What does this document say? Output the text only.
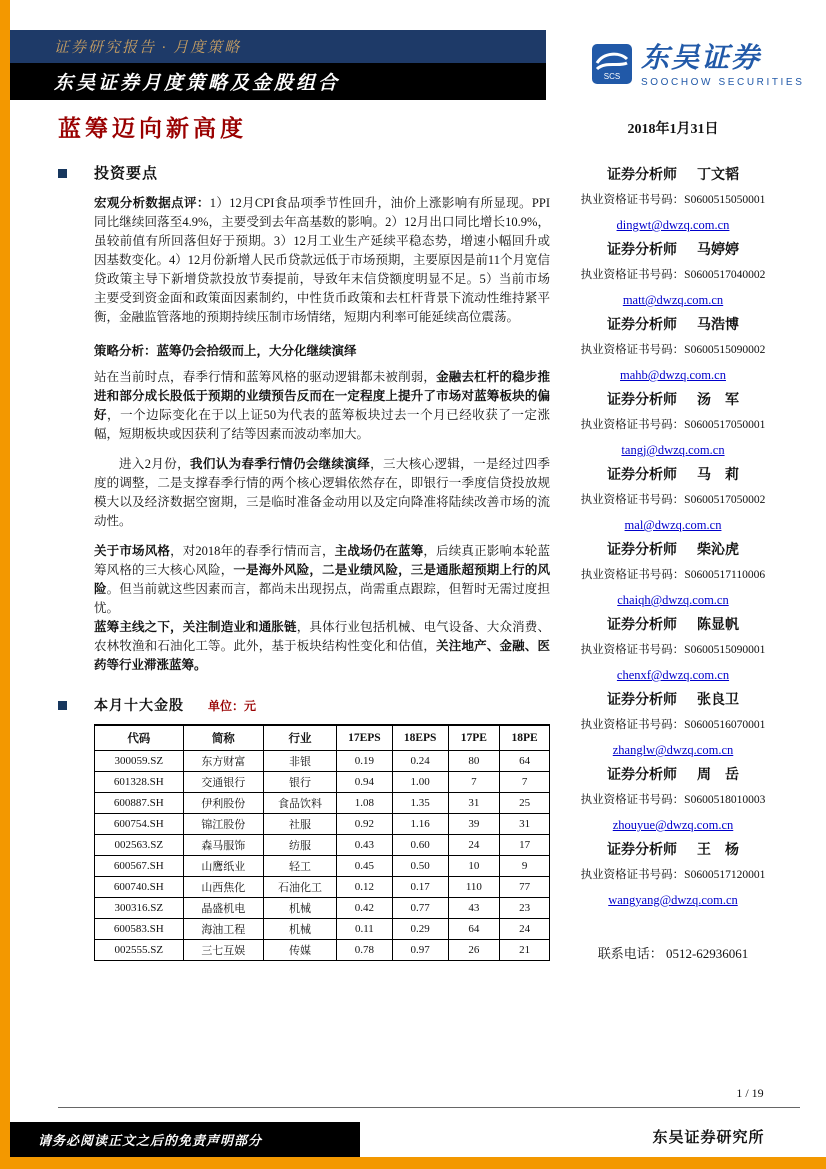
证券研究报告 · 月度策略
东吴证券月度策略及金股组合	SCS
东吴证券
SOOCHOW SECURITIES
蓝筹迈向新高度	2018年1月31日
投资要点

宏观分析数据点评：1）12月CPI食品项季节性回升，油价上涨影响有所显现。PPI同比继续回落至4.9%，主要受到去年高基数的影响。2）12月出口同比增长10.9%，虽较前值有所回落但好于预期。3）12月工业生产延续平稳态势，增速小幅回升或因基数变化。4）12月份新增人民币贷款远低于市场预期，主要原因是前11个月宽信贷政策主导下新增贷款投放节奏提前，导致年末信贷额度明显不足。5）当前市场主要受到资金面和政策面因素制约，中性货币政策和去杠杆背景下流动性维持紧平衡，金融监管落地的预期持续压制市场情绪，短期内利率可能延续高位震荡。

策略分析：蓝筹仍会拾级而上，大分化继续演绎

站在当前时点，春季行情和蓝筹风格的驱动逻辑都未被削弱，金融去杠杆的稳步推进和部分成长股低于预期的业绩预告反而在一定程度上提升了市场对蓝筹板块的偏好，一个边际变化在于以上证50为代表的蓝筹板块过去一个月已经收获了一定涨幅，短期板块或因获利了结等因素而波动率加大。

进入2月份，我们认为春季行情仍会继续演绎，三大核心逻辑，一是经过四季度的调整，二是支撑春季行情的两个核心逻辑依然存在，即银行一季度信贷投放规模大以及经济数据空窗期，三是临时准备金动用以及定向降准将陆续改善市场的流动性。

关于市场风格，对2018年的春季行情而言，主战场仍在蓝筹，后续真正影响本轮蓝筹风格的三大核心风险，一是海外风险，二是业绩风险，三是通胀超预期上行的风险。但当前就这些因素而言，都尚未出现拐点，尚需重点跟踪，但暂时无需过度担忧。

蓝筹主线之下，关注制造业和通胀链，具体行业包括机械、电气设备、大众消费、农林牧渔和石油化工等。此外，基于板块结构性变化和估值，关注地产、金融、医药等行业滞涨蓝筹。

本月十大金股 单位：元
代码	简称	行业	17EPS	18EPS	17PE	18PE
300059.SZ	东方财富	非银	0.19	0.24	80	64
601328.SH	交通银行	银行	0.94	1.00	7	7
600887.SH	伊利股份	食品饮料	1.08	1.35	31	25
600754.SH	锦江股份	社服	0.92	1.16	39	31
002563.SZ	森马服饰	纺服	0.43	0.60	24	17
600567.SH	山鹰纸业	轻工	0.45	0.50	10	9
600740.SH	山西焦化	石油化工	0.12	0.17	110	77
300316.SZ	晶盛机电	机械	0.42	0.77	43	23
600583.SH	海油工程	机械	0.11	0.29	64	24
002555.SZ	三七互娱	传媒	0.78	0.97	26	21
证券分析师 丁文韬
执业资格证书号码：S0600515050001
dingwt@dwzq.com.cn
证券分析师 马婷婷
执业资格证书号码：S0600517040002
matt@dwzq.com.cn
证券分析师 马浩博
执业资格证书号码：S0600515090002
mahb@dwzq.com.cn
证券分析师 汤　军
执业资格证书号码：S0600517050001
tangj@dwzq.com.cn
证券分析师 马　莉
执业资格证书号码：S0600517050002
mal@dwzq.com.cn
证券分析师 柴沁虎
执业资格证书号码：S0600517110006
chaiqh@dwzq.com.cn
证券分析师 陈显帆
执业资格证书号码：S0600515090001
chenxf@dwzq.com.cn
证券分析师 张良卫
执业资格证书号码：S0600516070001
zhanglw@dwzq.com.cn
证券分析师 周　岳
执业资格证书号码：S0600518010003
zhouyue@dwzq.com.cn
证券分析师 王　杨
执业资格证书号码：S0600517120001
wangyang@dwzq.com.cn
联系电话： 0512-62936061
1 / 19
东吴证券研究所
请务必阅读正文之后的免责声明部分
